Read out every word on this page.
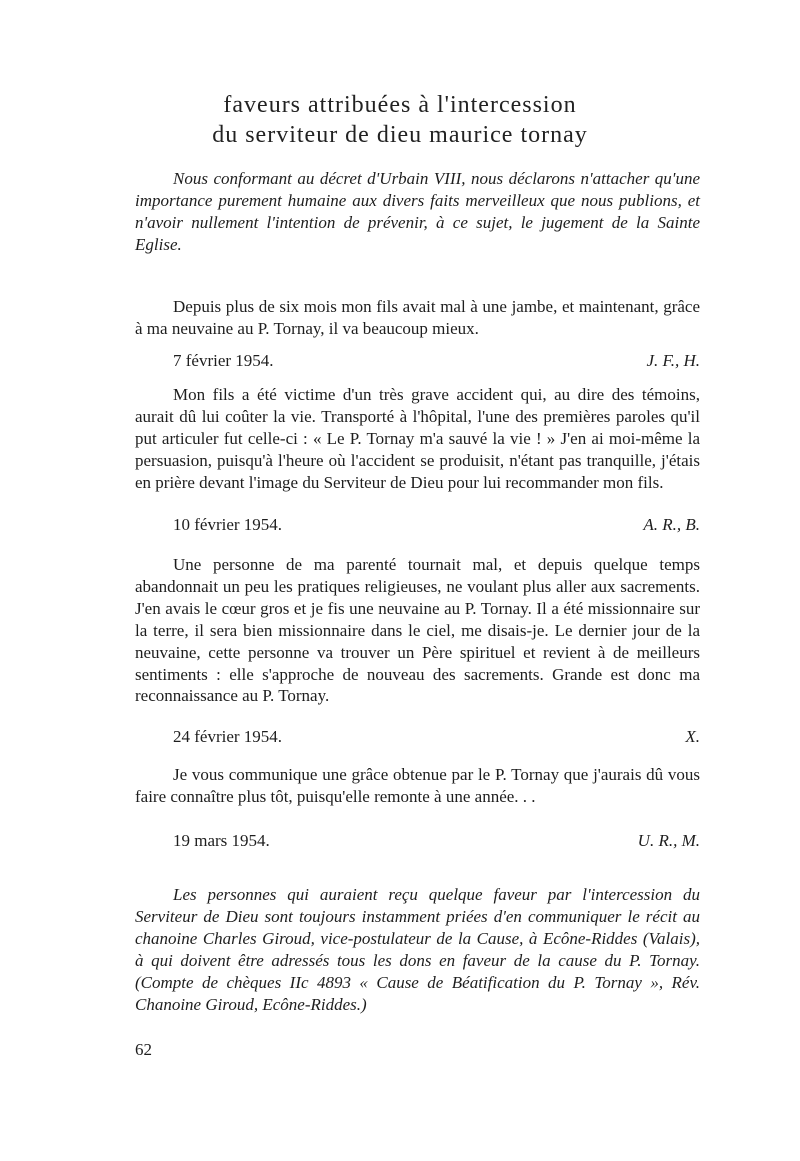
faveurs attribuées à l'intercession
du serviteur de dieu maurice tornay

Nous conformant au décret d'Urbain VIII, nous déclarons n'attacher qu'une importance purement humaine aux divers faits merveilleux que nous publions, et n'avoir nullement l'intention de prévenir, à ce sujet, le jugement de la Sainte Eglise.

Depuis plus de six mois mon fils avait mal à une jambe, et maintenant, grâce à ma neuvaine au P. Tornay, il va beaucoup mieux.

7 février 1954.	J. F., H.

Mon fils a été victime d'un très grave accident qui, au dire des témoins, aurait dû lui coûter la vie. Transporté à l'hôpital, l'une des premières paroles qu'il put articuler fut celle-ci : « Le P. Tornay m'a sauvé la vie ! » J'en ai moi-même la persuasion, puisqu'à l'heure où l'accident se produisit, n'étant pas tranquille, j'étais en prière devant l'image du Serviteur de Dieu pour lui recommander mon fils.

10 février 1954.	A. R., B.

Une personne de ma parenté tournait mal, et depuis quelque temps abandonnait un peu les pratiques religieuses, ne voulant plus aller aux sacrements. J'en avais le cœur gros et je fis une neuvaine au P. Tornay. Il a été missionnaire sur la terre, il sera bien missionnaire dans le ciel, me disais-je. Le dernier jour de la neuvaine, cette personne va trouver un Père spirituel et revient à de meilleurs sentiments : elle s'approche de nouveau des sacrements. Grande est donc ma reconnaissance au P. Tornay.

24 février 1954.	X.

Je vous communique une grâce obtenue par le P. Tornay que j'aurais dû vous faire connaître plus tôt, puisqu'elle remonte à une année. . .

19 mars 1954.	U. R., M.

Les personnes qui auraient reçu quelque faveur par l'intercession du Serviteur de Dieu sont toujours instamment priées d'en communiquer le récit au chanoine Charles Giroud, vice-postulateur de la Cause, à Ecône-Riddes (Valais), à qui doivent être adressés tous les dons en faveur de la cause du P. Tornay. (Compte de chèques IIc 4893 « Cause de Béatification du P. Tornay », Rév. Chanoine Giroud, Ecône-Riddes.)

62
